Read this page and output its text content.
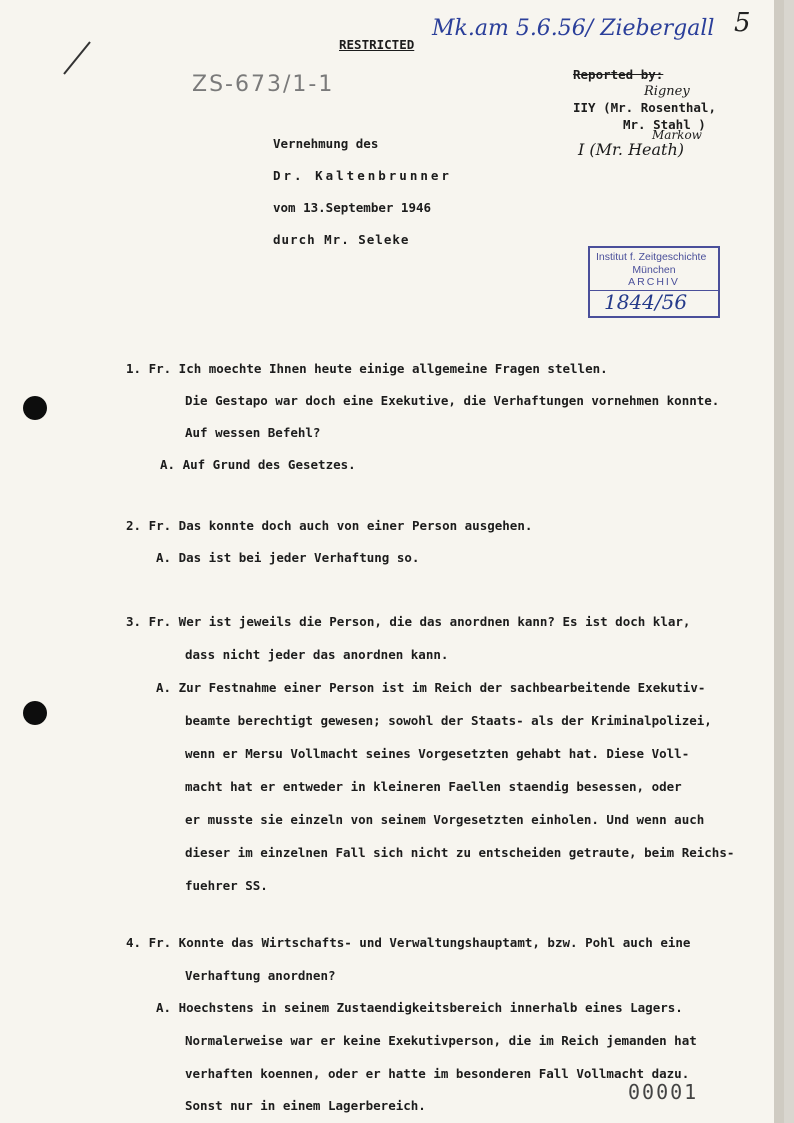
RESTRICTED
Mk.am 5.6.56/ Ziebergall 5
ZS-673/1-1	Reported by:
IIY (Mr. Rosenthal,
Rigney
Mr. Stahl )
Markow
I (Mr. Heath)
Vernehmung des
Dr. Kaltenbrunner
vom 13.September 1946
durch Mr. Seleke
Institut f. Zeitgeschichte
München
ARCHIV
1844/56
1. Fr. Ich moechte Ihnen heute einige allgemeine Fragen stellen.
Die Gestapo war doch eine Exekutive, die Verhaftungen vornehmen konnte.
Auf wessen Befehl?
A. Auf Grund des Gesetzes.
2. Fr. Das konnte doch auch von einer Person ausgehen.
A. Das ist bei jeder Verhaftung so.
3. Fr. Wer ist jeweils die Person, die das anordnen kann? Es ist doch klar,
dass nicht jeder das anordnen kann.
A. Zur Festnahme einer Person ist im Reich der sachbearbeitende Exekutiv-
beamte berechtigt gewesen; sowohl der Staats- als der Kriminalpolizei,
wenn er Mersu Vollmacht seines Vorgesetzten gehabt hat. Diese Voll-
macht hat er entweder in kleineren Faellen staendig besessen, oder
er musste sie einzeln von seinem Vorgesetzten einholen. Und wenn auch
dieser im einzelnen Fall sich nicht zu entscheiden getraute, beim Reichs-
fuehrer SS.
4. Fr. Konnte das Wirtschafts- und Verwaltungshauptamt, bzw. Pohl auch eine
Verhaftung anordnen?
A. Hoechstens in seinem Zustaendigkeitsbereich innerhalb eines Lagers.
Normalerweise war er keine Exekutivperson, die im Reich jemanden hat
verhaften koennen, oder er hatte im besonderen Fall Vollmacht dazu.
Sonst nur in einem Lagerbereich.
00001
